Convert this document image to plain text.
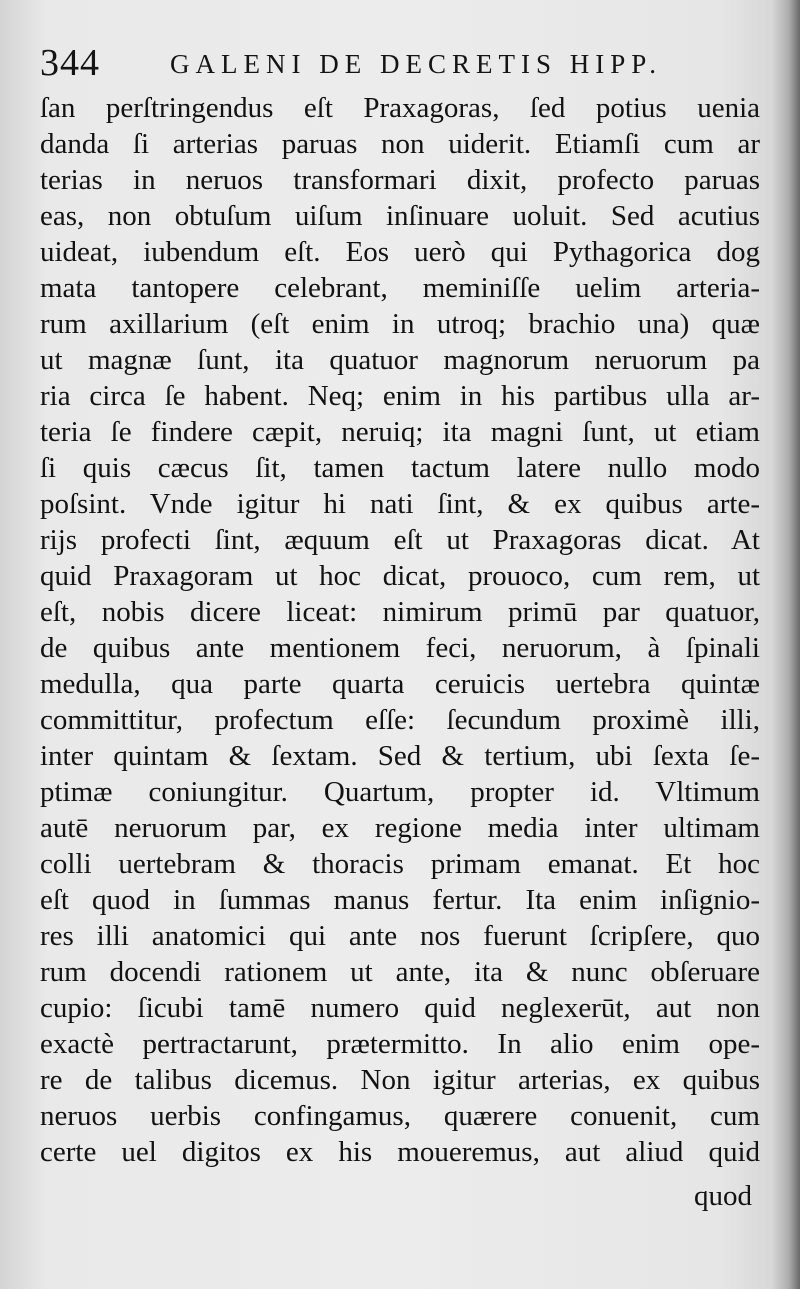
344	GALENI DE DECRETIS HIPP.
ſan perſtringendus eſt Praxagoras, ſed potius uenia
danda ſi arterias paruas non uiderit. Etiamſi cum ar
terias in neruos transformari dixit, profecto paruas
eas, non obtuſum uiſum inſinuare uoluit. Sed acutius
uideat, iubendum eſt. Eos uerò qui Pythagorica dog
mata tantopere celebrant, meminiſſe uelim arteria-
rum axillarium (eſt enim in utroq; brachio una) quæ
ut magnæ ſunt, ita quatuor magnorum neruorum pa
ria circa ſe habent. Neq; enim in his partibus ulla ar-
teria ſe findere cæpit, neruiq; ita magni ſunt, ut etiam
ſi quis cæcus ſit, tamen tactum latere nullo modo
poſsint. Vnde igitur hi nati ſint, & ex quibus arte-
rijs profecti ſint, æquum eſt ut Praxagoras dicat. At
quid Praxagoram ut hoc dicat, prouoco, cum rem, ut
eſt, nobis dicere liceat: nimirum primū par quatuor,
de quibus ante mentionem feci, neruorum, à ſpinali
medulla, qua parte quarta ceruicis uertebra quintæ
committitur, profectum eſſe: ſecundum proximè illi,
inter quintam & ſextam. Sed & tertium, ubi ſexta ſe-
ptimæ coniungitur. Quartum, propter id. Vltimum
autē neruorum par, ex regione media inter ultimam
colli uertebram & thoracis primam emanat. Et hoc
eſt quod in ſummas manus fertur. Ita enim inſignio-
res illi anatomici qui ante nos fuerunt ſcripſere, quo
rum docendi rationem ut ante, ita & nunc obſeruare
cupio: ſicubi tamē numero quid neglexerūt, aut non
exactè pertractarunt, prætermitto. In alio enim ope-
re de talibus dicemus. Non igitur arterias, ex quibus
neruos uerbis confingamus, quærere conuenit, cum
certe uel digitos ex his moueremus, aut aliud quid
quod
